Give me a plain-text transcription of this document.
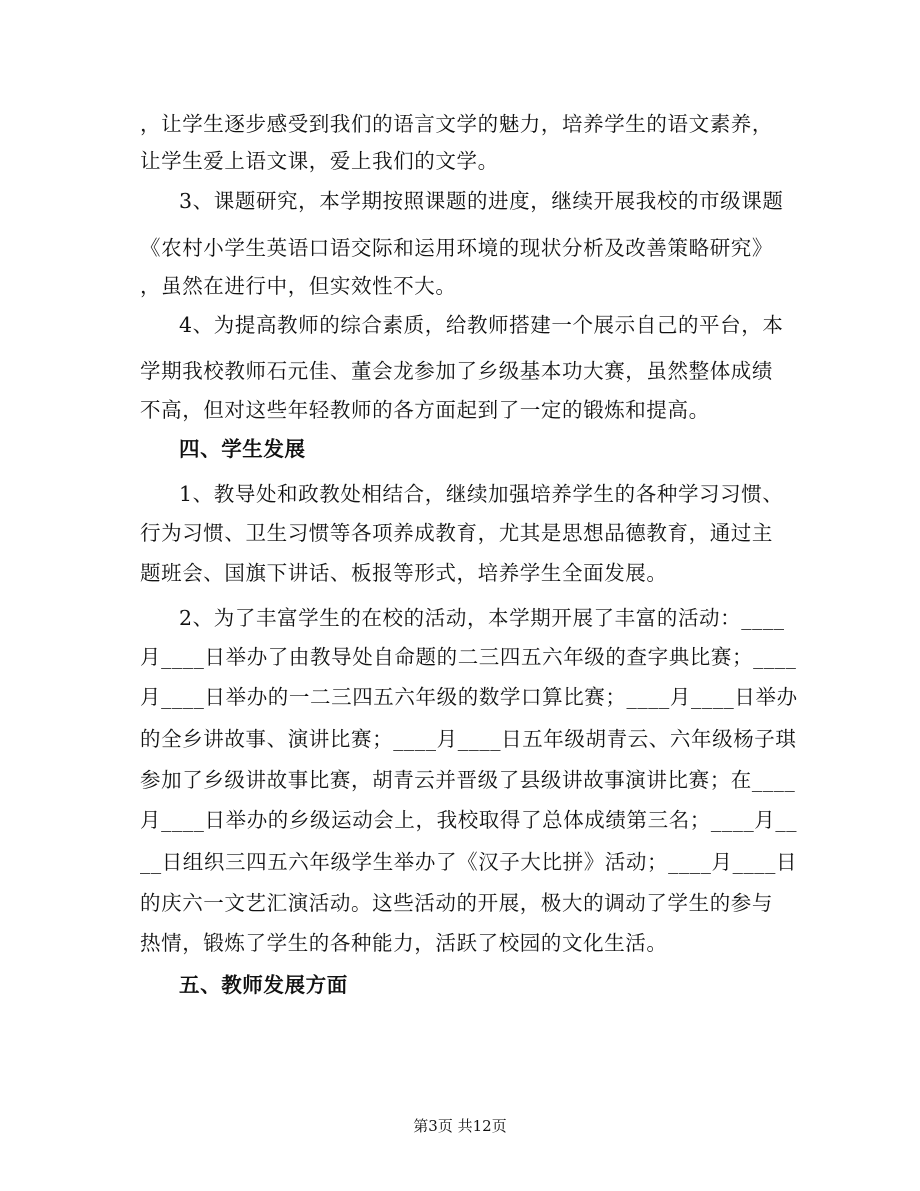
，让学生逐步感受到我们的语言文学的魅力，培养学生的语文素养，
让学生爱上语文课，爱上我们的文学。
3、课题研究，本学期按照课题的进度，继续开展我校的市级课题
《农村小学生英语口语交际和运用环境的现状分析及改善策略研究》
，虽然在进行中，但实效性不大。
4、为提高教师的综合素质，给教师搭建一个展示自己的平台，本
学期我校教师石元佳、董会龙参加了乡级基本功大赛，虽然整体成绩
不高，但对这些年轻教师的各方面起到了一定的锻炼和提高。
四、学生发展
1、教导处和政教处相结合，继续加强培养学生的各种学习习惯、
行为习惯、卫生习惯等各项养成教育，尤其是思想品德教育，通过主
题班会、国旗下讲话、板报等形式，培养学生全面发展。
2、为了丰富学生的在校的活动，本学期开展了丰富的活动：____
月____日举办了由教导处自命题的二三四五六年级的查字典比赛；____
月____日举办的一二三四五六年级的数学口算比赛；____月____日举办
的全乡讲故事、演讲比赛；____月____日五年级胡青云、六年级杨子琪
参加了乡级讲故事比赛，胡青云并晋级了县级讲故事演讲比赛；在____
月____日举办的乡级运动会上，我校取得了总体成绩第三名；____月__
__日组织三四五六年级学生举办了《汉子大比拼》活动；____月____日
的庆六一文艺汇演活动。这些活动的开展，极大的调动了学生的参与
热情，锻炼了学生的各种能力，活跃了校园的文化生活。
五、教师发展方面
第3页 共12页
